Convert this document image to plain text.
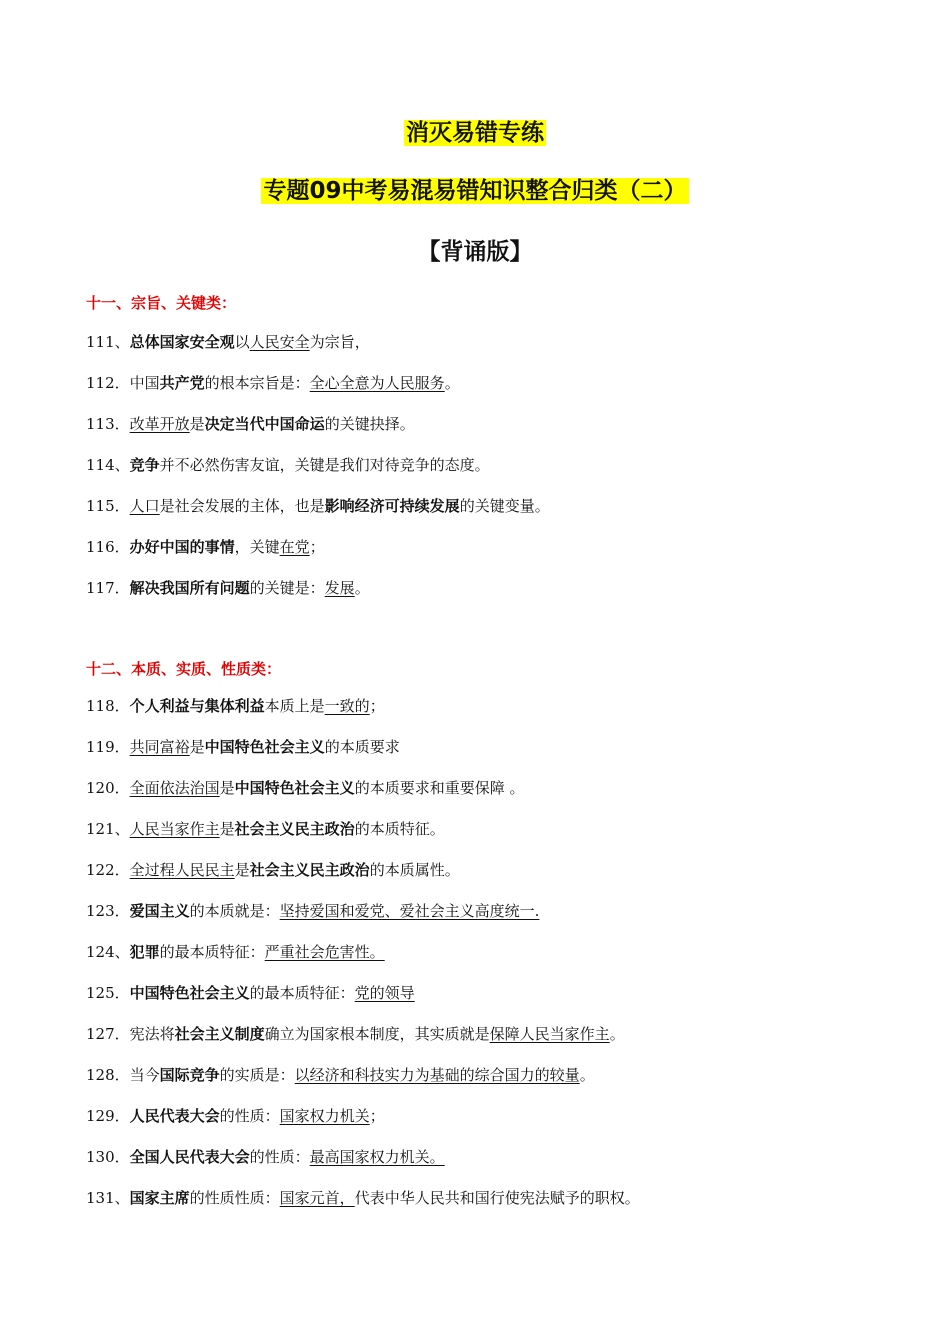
消灭易错专练
专题09中考易混易错知识整合归类（二）
【背诵版】
十一、宗旨、关键类：
111、总体国家安全观以人民安全为宗旨，
112．中国共产党的根本宗旨是：全心全意为人民服务。
113．改革开放是决定当代中国命运的关键抉择。
114、竞争并不必然伤害友谊，关键是我们对待竞争的态度。
115．人口是社会发展的主体，也是影响经济可持续发展的关键变量。
116．办好中国的事情，关键在党；
117．解决我国所有问题的关键是：发展。
十二、本质、实质、性质类：
118．个人利益与集体利益本质上是一致的；
119．共同富裕是中国特色社会主义的本质要求
120．全面依法治国是中国特色社会主义的本质要求和重要保障 。
121、人民当家作主是社会主义民主政治的本质特征。
122．全过程人民民主是社会主义民主政治的本质属性。
123．爱国主义的本质就是：坚持爱国和爱党、爱社会主义高度统一.
124、犯罪的最本质特征：严重社会危害性。
125．中国特色社会主义的最本质特征：党的领导
127．宪法将社会主义制度确立为国家根本制度，其实质就是保障人民当家作主。
128．当今国际竞争的实质是：以经济和科技实力为基础的综合国力的较量。
129．人民代表大会的性质：国家权力机关；
130．全国人民代表大会的性质：最高国家权力机关。
131、国家主席的性质性质：国家元首，代表中华人民共和国行使宪法赋予的职权。
